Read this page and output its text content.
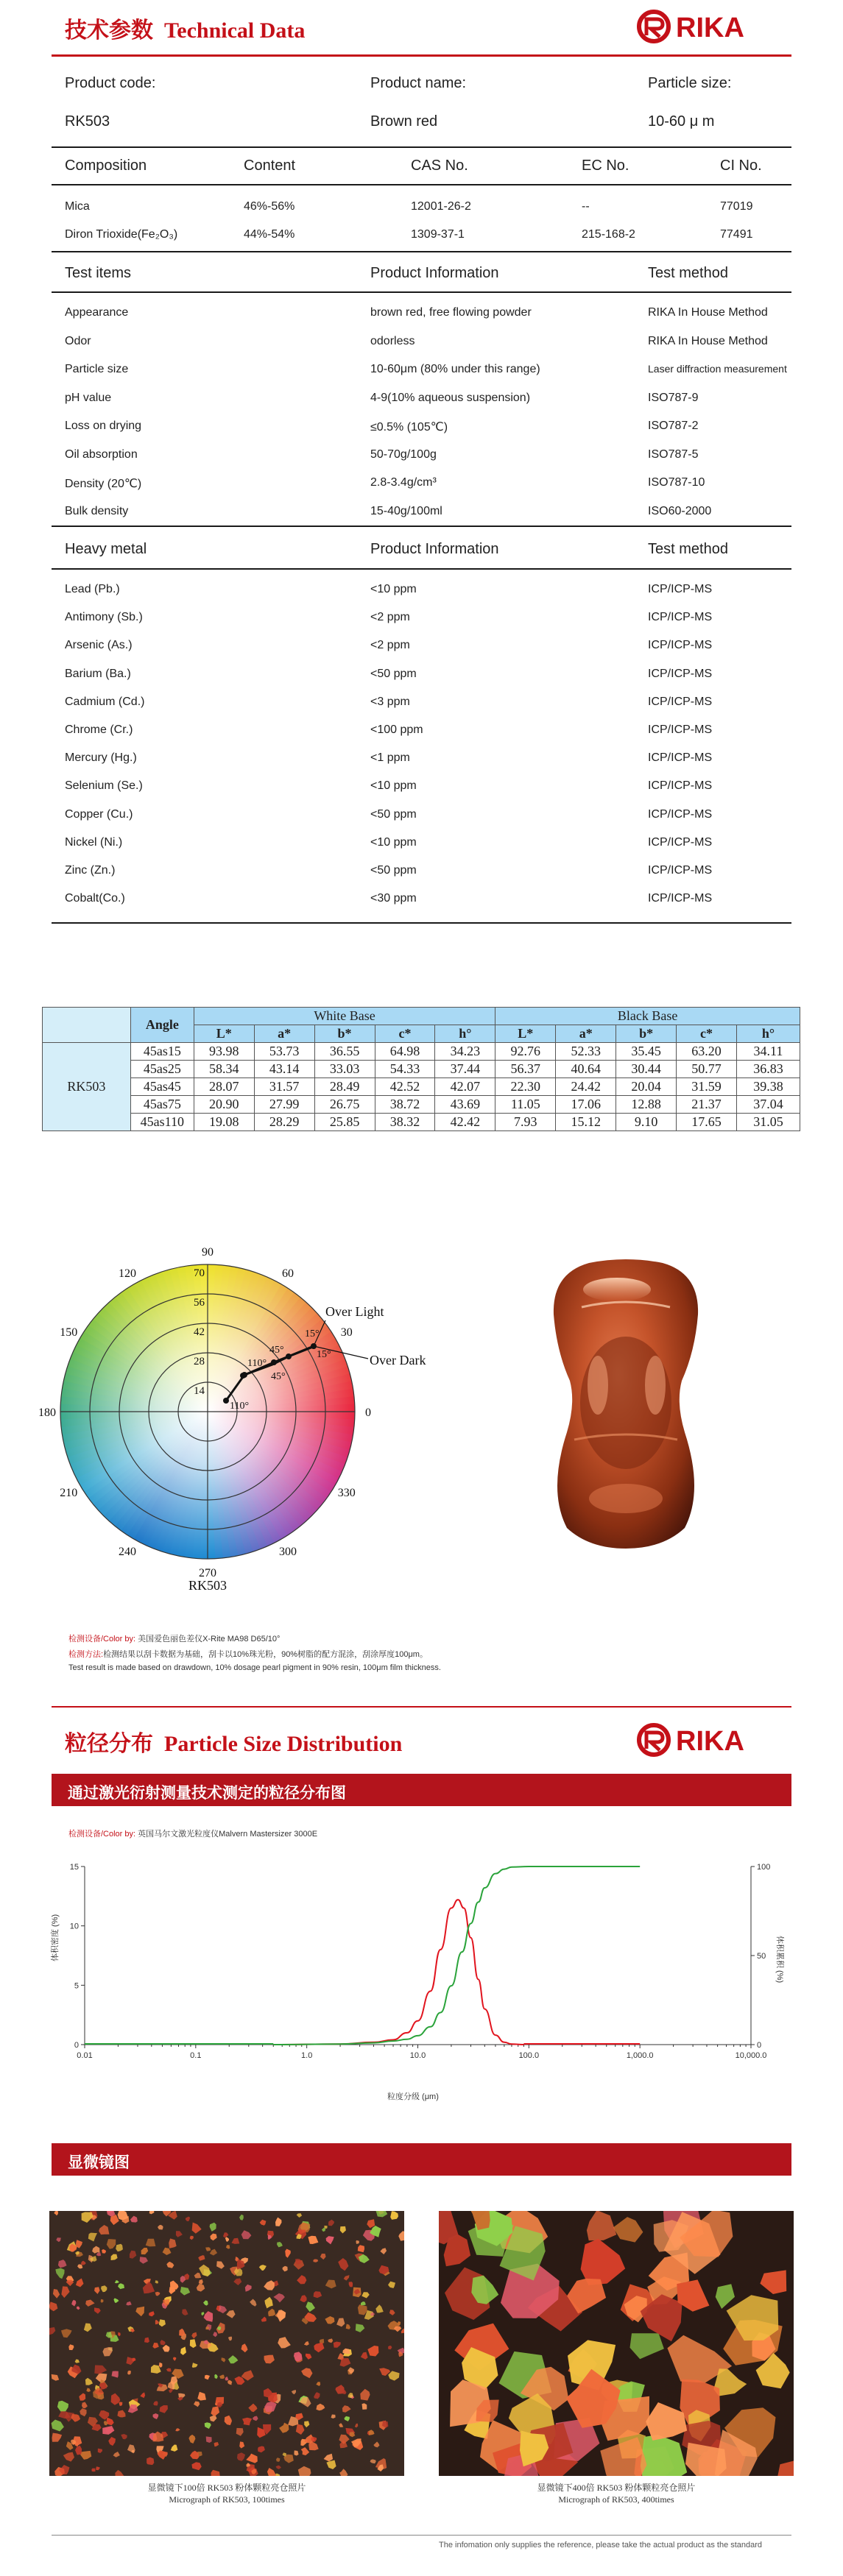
技术参数 Technical Data	RIKA
Product code:	Product name:	Particle size:
RK503	Brown red	10-60 μ m
Composition	Content	CAS No.	EC No.	CI No.
Mica	46%-56%	12001-26-2	--	77019
Diron Trioxide(Fe₂O₃)	44%-54%	1309-37-1	215-168-2	77491
Test items	Product Information	Test method
Appearance	brown red, free flowing powder	RIKA In House Method
Odor	odorless	RIKA In House Method
Particle size	10-60μm (80% under this range)	Laser diffraction measurement
pH value	4-9(10% aqueous suspension)	ISO787-9
Loss on drying	≤0.5% (105℃)	ISO787-2
Oil absorption	50-70g/100g	ISO787-5
Density (20℃)	2.8-3.4g/cm³	ISO787-10
Bulk density	15-40g/100ml	ISO60-2000
Heavy metal	Product Information	Test method
Lead (Pb.)	<10 ppm	ICP/ICP-MS
Antimony (Sb.)	<2 ppm	ICP/ICP-MS
Arsenic (As.)	<2 ppm	ICP/ICP-MS
Barium (Ba.)	<50 ppm	ICP/ICP-MS
Cadmium (Cd.)	<3 ppm	ICP/ICP-MS
Chrome (Cr.)	<100 ppm	ICP/ICP-MS
Mercury (Hg.)	<1 ppm	ICP/ICP-MS
Selenium (Se.)	<10 ppm	ICP/ICP-MS
Copper (Cu.)	<50 ppm	ICP/ICP-MS
Nickel (Ni.)	<10 ppm	ICP/ICP-MS
Zinc (Zn.)	<50 ppm	ICP/ICP-MS
Cobalt(Co.)	<30 ppm	ICP/ICP-MS
	Angle	White Base					Black Base				
		L*	a*	b*	c*	h°	L*	a*	b*	c*	h°
RK503	45as15	93.98	53.73	36.55	64.98	34.23	92.76	52.33	35.45	63.20	34.11
	45as25	58.34	43.14	33.03	54.33	37.44	56.37	40.64	30.44	50.77	36.83
	45as45	28.07	31.57	28.49	42.52	42.07	22.30	24.42	20.04	31.59	39.38
	45as75	20.90	27.99	26.75	38.72	43.69	11.05	17.06	12.88	21.37	37.04
	45as110	19.08	28.29	25.85	38.32	42.42	7.93	15.12	9.10	17.65	31.05
90
60
30
0
330
300
270
240
210
180
150
120	70
56
42
28
14
Over Light
Over Dark
15°
15°
45°
45°
110°
110°
RK503
检测设备/Color by: 美国爱色丽色差仪X-Rite MA98 D65/10°
检测方法:检测结果以刮卡数据为基础，刮卡以10%珠光粉，90%树脂的配方混涂，刮涂厚度100μm。
Test result is made based on drawdown, 10% dosage pearl pigment in 90% resin, 100μm film thickness.
粒径分布 Particle Size Distribution	RIKA
通过激光衍射测量技术测定的粒径分布图
检测设备/Color by: 英国马尔文激光粒度仪Malvern Mastersizer 3000E
0.01	0.1	1.0	10.0	100.0	1,000.0	10,000.0
0
5
10
15
0
50
100
体积密度 (%)	体积累积 (%)
粒度分级 (μm)
显微镜图
显微镜下100倍 RK503 粉体颗粒亮仓照片
Micrograph of RK503, 100times
显微镜下400倍 RK503 粉体颗粒亮仓照片
Micrograph of RK503, 400times
The infomation only supplies the reference, please take the actual product as the standard
